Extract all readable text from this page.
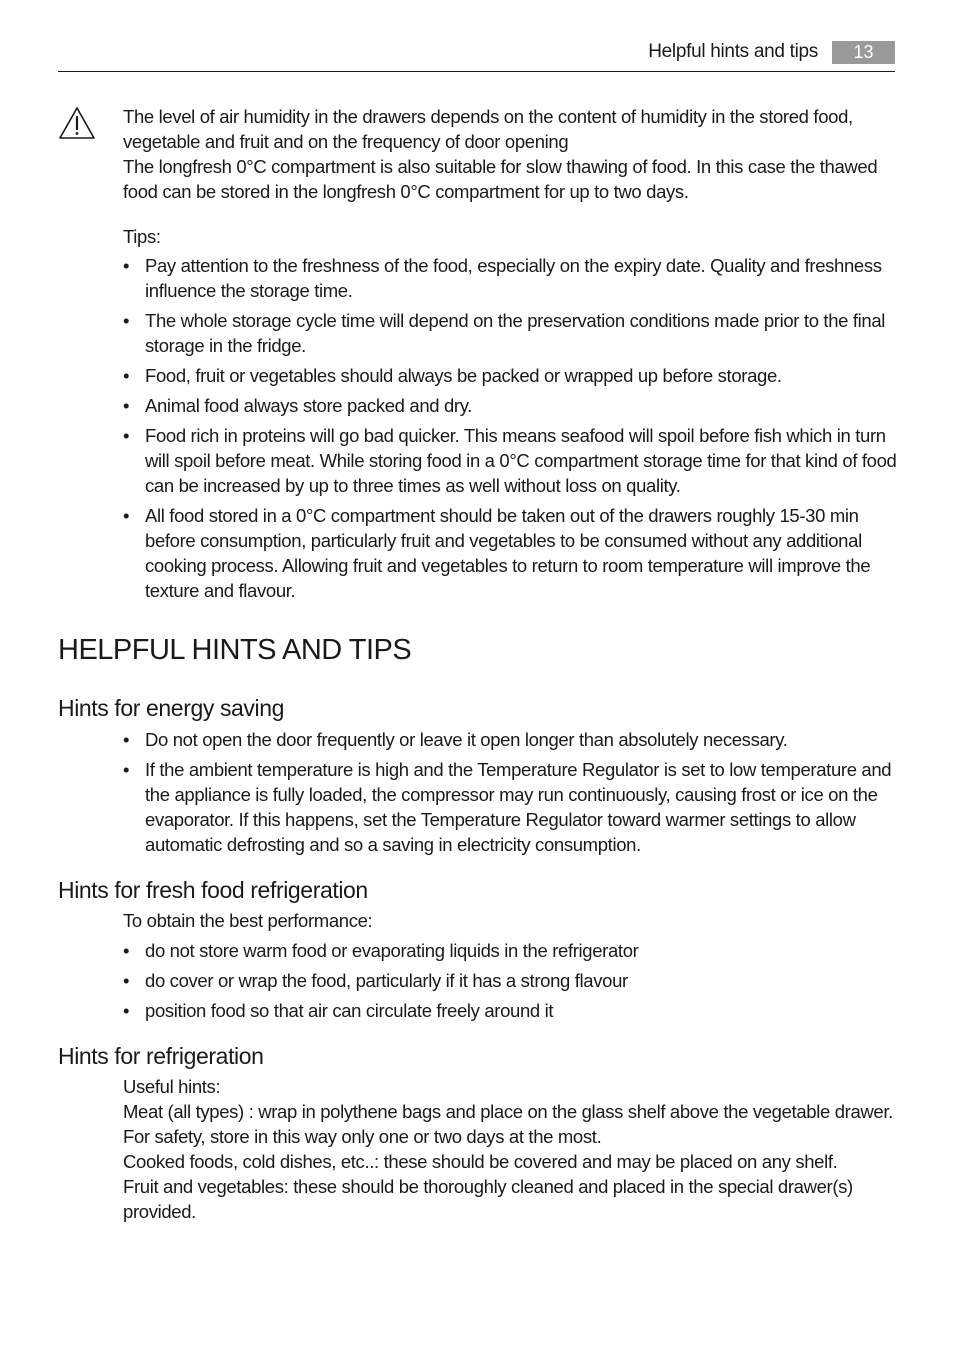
Helpful hints and tips	13

The level of air humidity in the drawers depends on the content of humidity in the stored food, vegetable and fruit and on the frequency of door opening

The longfresh 0°C compartment is also suitable for slow thawing of food. In this case the thawed food can be stored in the longfresh 0°C compartment for up to two days.

Tips:

• Pay attention to the freshness of the food, especially on the expiry date. Quality and freshness influence the storage time.
• The whole storage cycle time will depend on the preservation conditions made prior to the final storage in the fridge.
• Food, fruit or vegetables should always be packed or wrapped up before storage.
• Animal food always store packed and dry.
• Food rich in proteins will go bad quicker. This means seafood will spoil before fish which in turn will spoil before meat. While storing food in a 0°C compartment storage time for that kind of food can be increased by up to three times as well without loss on quality.
• All food stored in a 0°C compartment should be taken out of the drawers roughly 15-30 min before consumption, particularly fruit and vegetables to be consumed without any additional cooking process. Allowing fruit and vegetables to return to room temperature will improve the texture and flavour.
HELPFUL HINTS AND TIPS
Hints for energy saving
• Do not open the door frequently or leave it open longer than absolutely necessary.
• If the ambient temperature is high and the Temperature Regulator is set to low temperature and the appliance is fully loaded, the compressor may run continuously, causing frost or ice on the evaporator. If this happens, set the Temperature Regulator toward warmer settings to allow automatic defrosting and so a saving in electricity consumption.
Hints for fresh food refrigeration

To obtain the best performance:

• do not store warm food or evaporating liquids in the refrigerator
• do cover or wrap the food, particularly if it has a strong flavour
• position food so that air can circulate freely around it
Hints for refrigeration

Useful hints:

Meat (all types) : wrap in polythene bags and place on the glass shelf above the vegetable drawer.

For safety, store in this way only one or two days at the most.

Cooked foods, cold dishes, etc..: these should be covered and may be placed on any shelf.

Fruit and vegetables: these should be thoroughly cleaned and placed in the special drawer(s) provided.
